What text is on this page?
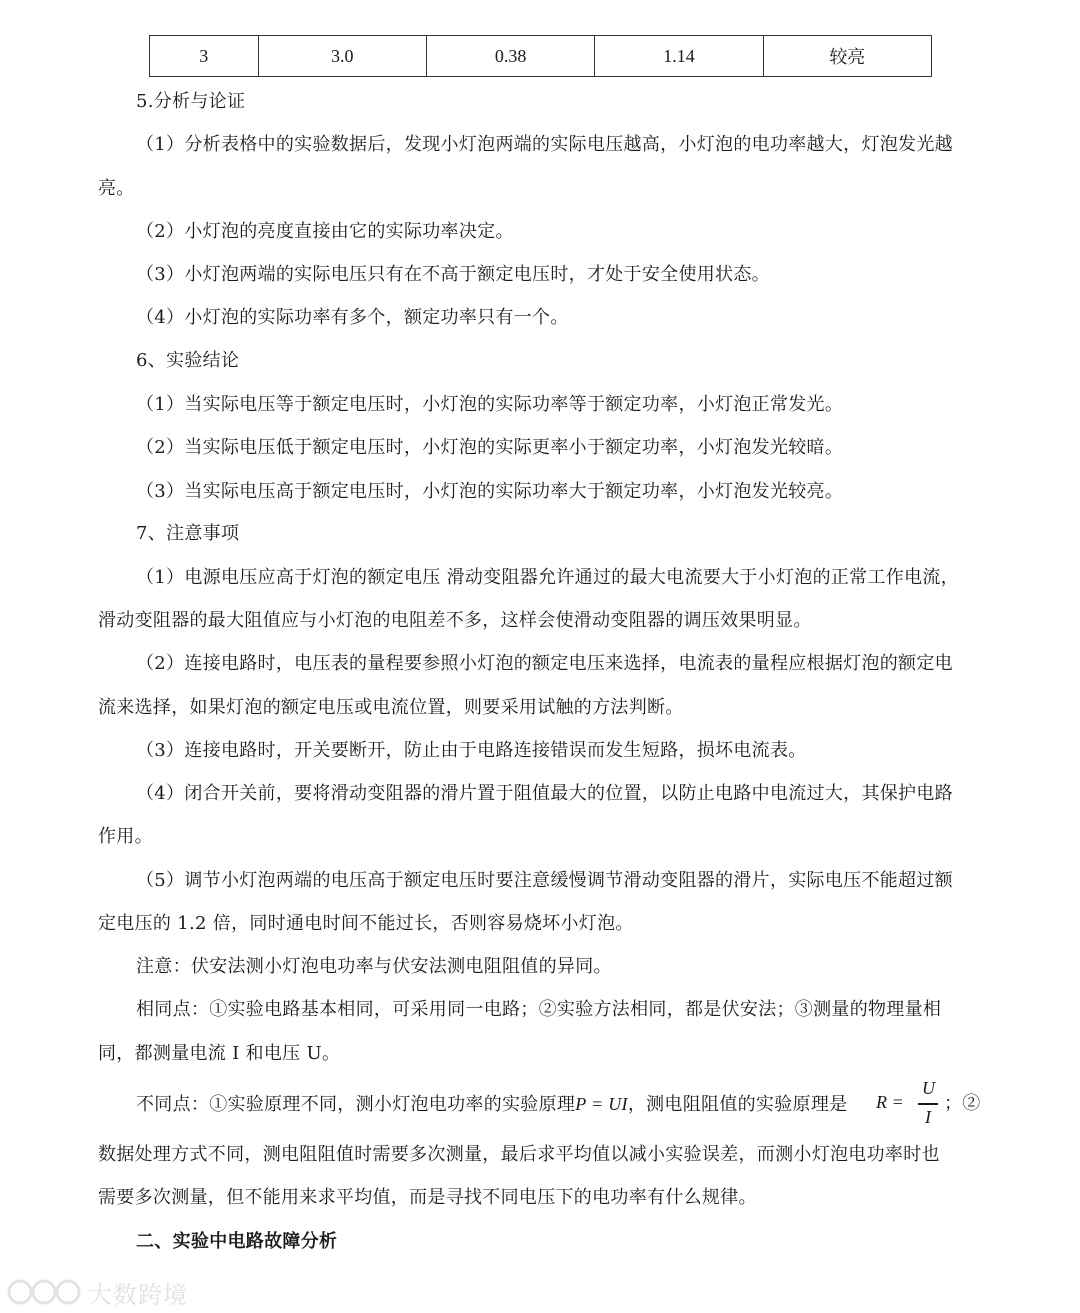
3	3.0	0.38	1.14	较亮
5.分析与论证
（1）分析表格中的实验数据后，发现小灯泡两端的实际电压越高，小灯泡的电功率越大，灯泡发光越
亮。
（2）小灯泡的亮度直接由它的实际功率决定。
（3）小灯泡两端的实际电压只有在不高于额定电压时，才处于安全使用状态。
（4）小灯泡的实际功率有多个，额定功率只有一个。
6、实验结论
（1）当实际电压等于额定电压时，小灯泡的实际功率等于额定功率，小灯泡正常发光。
（2）当实际电压低于额定电压时，小灯泡的实际更率小于额定功率，小灯泡发光较暗。
（3）当实际电压高于额定电压时，小灯泡的实际功率大于额定功率，小灯泡发光较亮。
7、注意事项
（1）电源电压应高于灯泡的额定电压 滑动变阻器允许通过的最大电流要大于小灯泡的正常工作电流，
滑动变阻器的最大阻值应与小灯泡的电阻差不多，这样会使滑动变阻器的调压效果明显。
（2）连接电路时，电压表的量程要参照小灯泡的额定电压来选择，电流表的量程应根据灯泡的额定电
流来选择，如果灯泡的额定电压或电流位置，则要采用试触的方法判断。
（3）连接电路时，开关要断开，防止由于电路连接错误而发生短路，损坏电流表。
（4）闭合开关前，要将滑动变阻器的滑片置于阻值最大的位置，以防止电路中电流过大，其保护电路
作用。
（5）调节小灯泡两端的电压高于额定电压时要注意缓慢调节滑动变阻器的滑片，实际电压不能超过额
定电压的 1.2 倍，同时通电时间不能过长，否则容易烧坏小灯泡。
注意：伏安法测小灯泡电功率与伏安法测电阻阻值的异同。
相同点：①实验电路基本相同，可采用同一电路；②实验方法相同，都是伏安法；③测量的物理量相
同，都测量电流 I 和电压 U。
不同点：①实验原理不同，测小灯泡电功率的实验原理P = UI，测电阻阻值的实验原理是 R =
U
I
；②
数据处理方式不同，测电阻阻值时需要多次测量，最后求平均值以减小实验误差，而测小灯泡电功率时也
需要多次测量，但不能用来求平均值，而是寻找不同电压下的电功率有什么规律。
二、实验中电路故障分析
大数跨境
